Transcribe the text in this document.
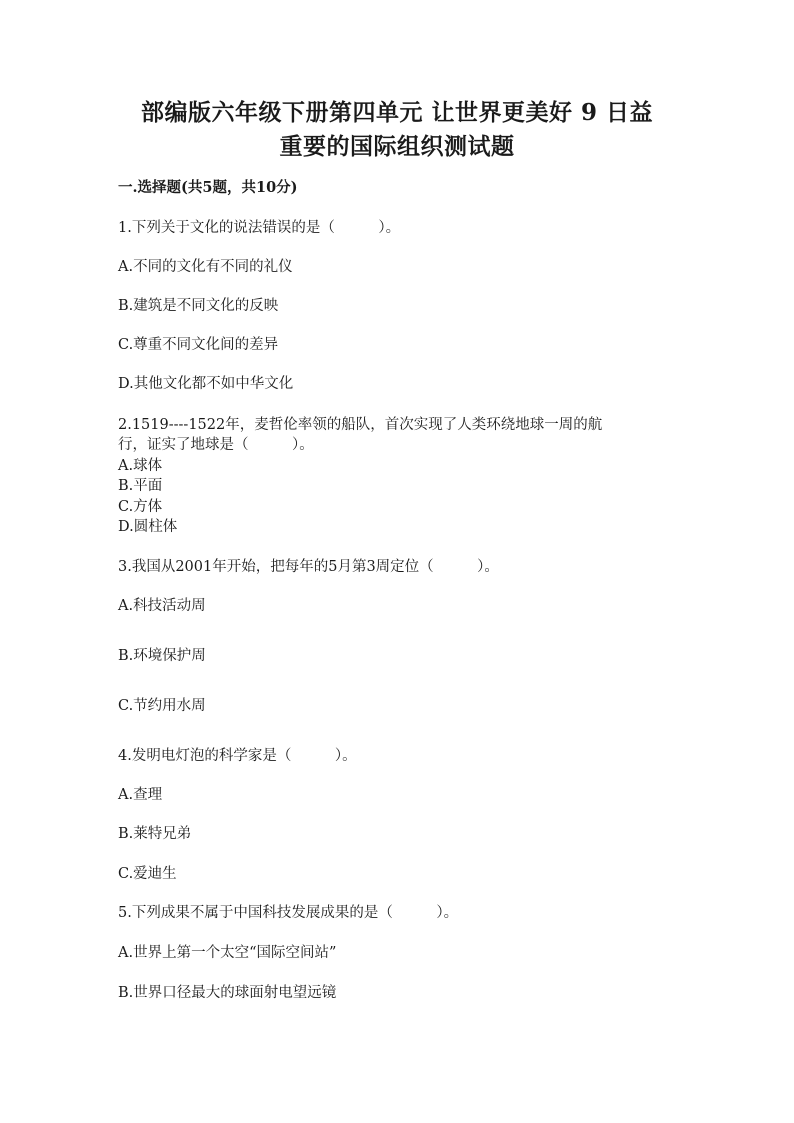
部编版六年级下册第四单元 让世界更美好 9 日益
重要的国际组织测试题
一.选择题(共5题，共10分)
1.下列关于文化的说法错误的是（　　　）。
A.不同的文化有不同的礼仪
B.建筑是不同文化的反映
C.尊重不同文化间的差异
D.其他文化都不如中华文化
2.1519----1522年，麦哲伦率领的船队，首次实现了人类环绕地球一周的航
行，证实了地球是（　　　）。
A.球体
B.平面
C.方体
D.圆柱体
3.我国从2001年开始，把每年的5月第3周定位（　　　）。
A.科技活动周
B.环境保护周
C.节约用水周
4.发明电灯泡的科学家是（　　　）。
A.查理
B.莱特兄弟
C.爱迪生
5.下列成果不属于中国科技发展成果的是（　　　）。
A.世界上第一个太空“国际空间站”
B.世界口径最大的球面射电望远镜
